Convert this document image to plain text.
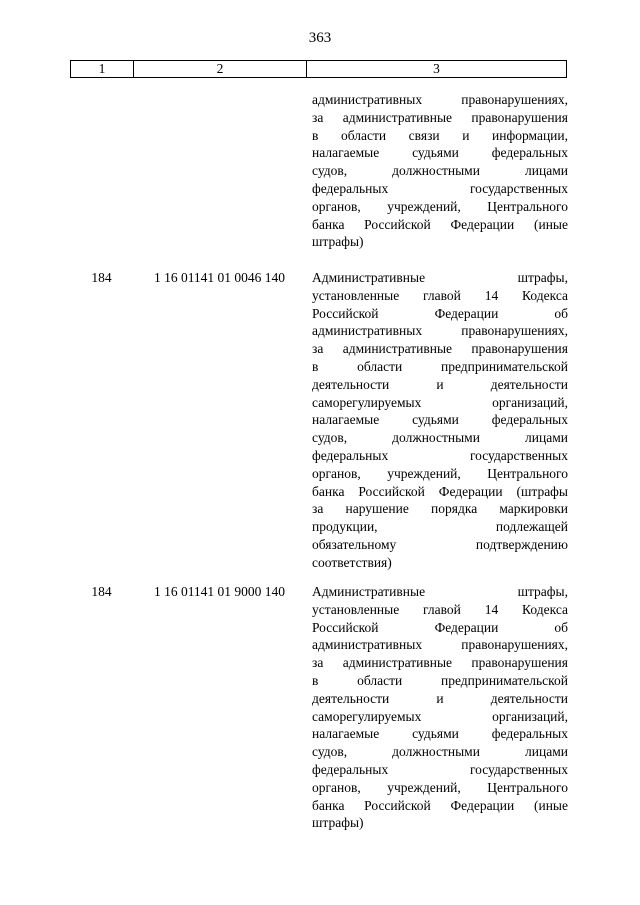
363
1	2	3
административных правонарушениях,
за административные правонарушения
в области связи и информации,
налагаемые судьями федеральных
судов, должностными лицами
федеральных государственных
органов, учреждений, Центрального
банка Российской Федерации (иные
штрафы)
184	1 16 01141 01 0046 140	Административные штрафы,
установленные главой 14 Кодекса
Российской Федерации об
административных правонарушениях,
за административные правонарушения
в области предпринимательской
деятельности и деятельности
саморегулируемых организаций,
налагаемые судьями федеральных
судов, должностными лицами
федеральных государственных
органов, учреждений, Центрального
банка Российской Федерации (штрафы
за нарушение порядка маркировки
продукции, подлежащей
обязательному подтверждению
соответствия)
184	1 16 01141 01 9000 140	Административные штрафы,
установленные главой 14 Кодекса
Российской Федерации об
административных правонарушениях,
за административные правонарушения
в области предпринимательской
деятельности и деятельности
саморегулируемых организаций,
налагаемые судьями федеральных
судов, должностными лицами
федеральных государственных
органов, учреждений, Центрального
банка Российской Федерации (иные
штрафы)
